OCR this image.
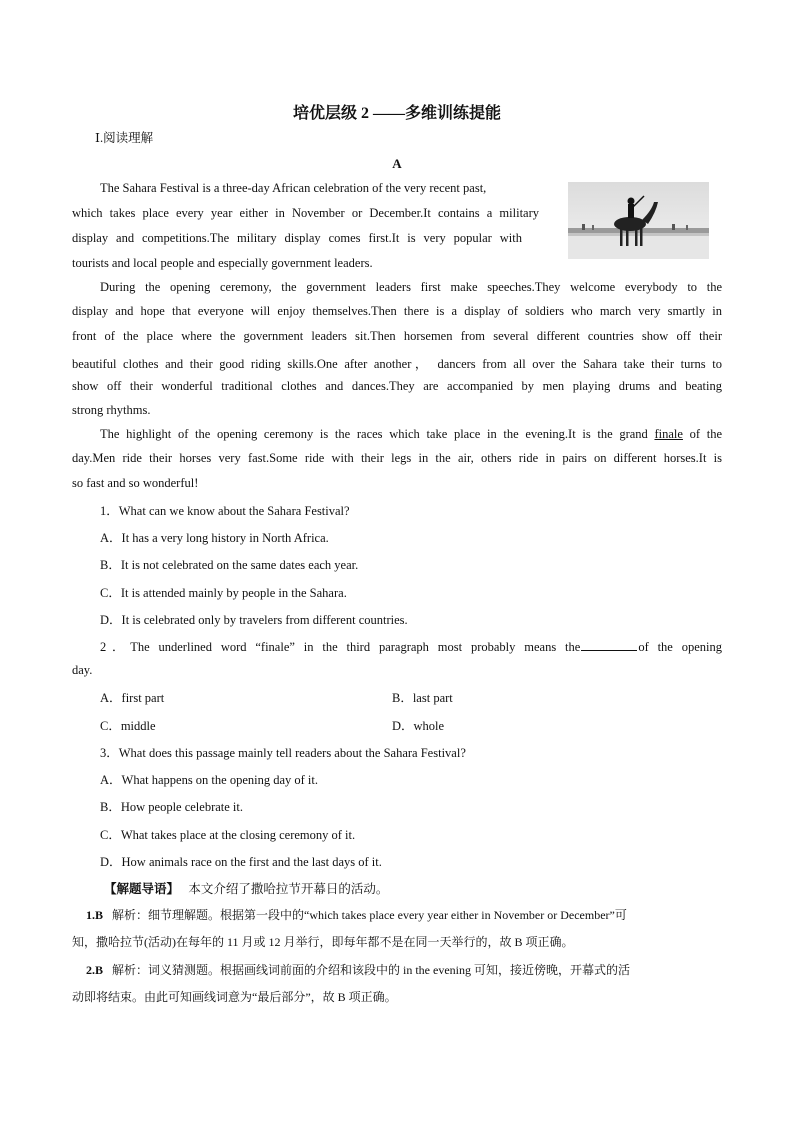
培优层级 2 ——多维训练提能
Ⅰ.阅读理解
A
The Sahara Festival is a three-day African celebration of the very recent past,
which takes place every year either in November or December.It contains a military
display and competitions.The military display comes first.It is very popular with
tourists and local people and especially government leaders.
During the opening ceremony, the government leaders first make speeches.They welcome everybody to the
display and hope that everyone will enjoy themselves.Then there is a display of soldiers who march very smartly in
front of the place where the government leaders sit.Then horsemen from several different countries show off their
beautiful clothes and their good riding skills.One after another， dancers from all over the Sahara take their turns to
show off their wonderful traditional clothes and dances.They are accompanied by men playing drums and beating
strong rhythms.
The highlight of the opening ceremony is the races which take place in the evening.It is the grand finale of the
day.Men ride their horses very fast.Some ride with their legs in the air, others ride in pairs on different horses.It is
so fast and so wonderful!
1．What can we know about the Sahara Festival?
A．It has a very long history in North Africa.
B．It is not celebrated on the same dates each year.
C．It is attended mainly by people in the Sahara.
D．It is celebrated only by travelers from different countries.
2．The underlined word “finale” in the third paragraph most probably means the	of the opening
day.
A．first part	B．last part
C．middle	D．whole
3．What does this passage mainly tell readers about the Sahara Festival?
A．What happens on the opening day of it.
B．How people celebrate it.
C．What takes place at the closing ceremony of it.
D．How animals race on the first and the last days of it.
【解题导语】 本文介绍了撒哈拉节开幕日的活动。
1.B 解析：细节理解题。根据第一段中的“which takes place every year either in November or December”可
知，撒哈拉节(活动)在每年的 11 月或 12 月举行，即每年都不是在同一天举行的，故 B 项正确。
2.B 解析：词义猜测题。根据画线词前面的介绍和该段中的 in the evening 可知，接近傍晚，开幕式的活
动即将结束。由此可知画线词意为“最后部分”，故 B 项正确。
